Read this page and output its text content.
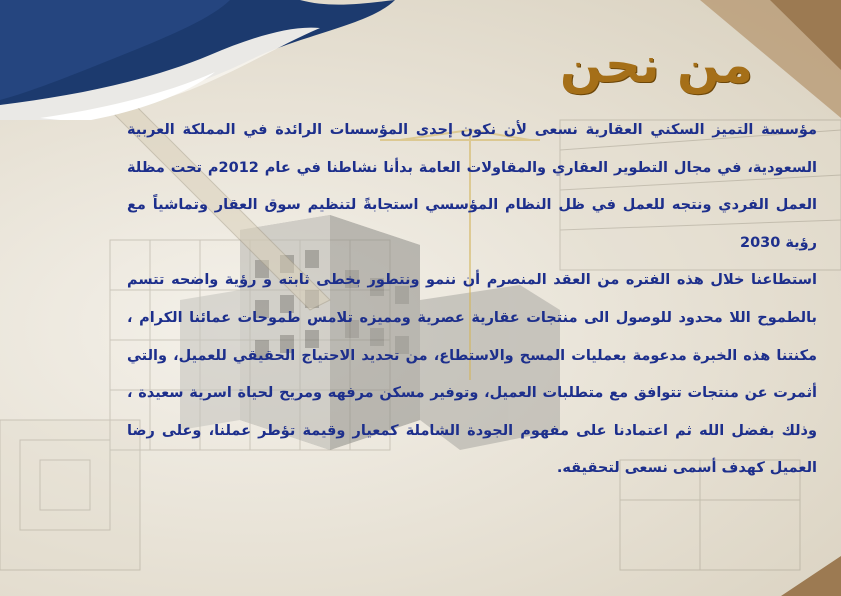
من نحن

مؤسسة التميز السكني العقارية نسعى لأن نكون إحدى المؤسسات الرائدة في المملكة العربية السعودية، في مجال التطوير العقاري والمقاولات العامة بدأنا نشاطنا في عام 2012م تحت مظلة العمل الفردي ونتجه للعمل في ظل النظام المؤسسي استجابةً لتنظيم سوق العقار وتماشياً مع رؤية 2030

استطاعنا خلال هذه الفتره من العقد المنصرم أن ننمو ونتطور بخطى ثابته و رؤية واضحه تتسم بالطموح اللا محدود للوصول الى منتجات عقارية عصرية ومميزه تلامس طموحات عمائنا الكرام ، مكنتنا هذه الخبرة مدعومة بعمليات المسح والاستطاع، من تحديد الاحتياج الحقيقي للعميل، والتي أثمرت عن منتجات تتوافق مع متطلبات العميل، وتوفير مسكن مرفهه ومريح لحياة اسرية سعيدة ، وذلك بفضل الله ثم اعتمادنا على مفهوم الجودة الشاملة كمعيار وقيمة تؤطر عملنا، وعلى رضا العميل كهدف أسمى نسعى لتحقيقه.
